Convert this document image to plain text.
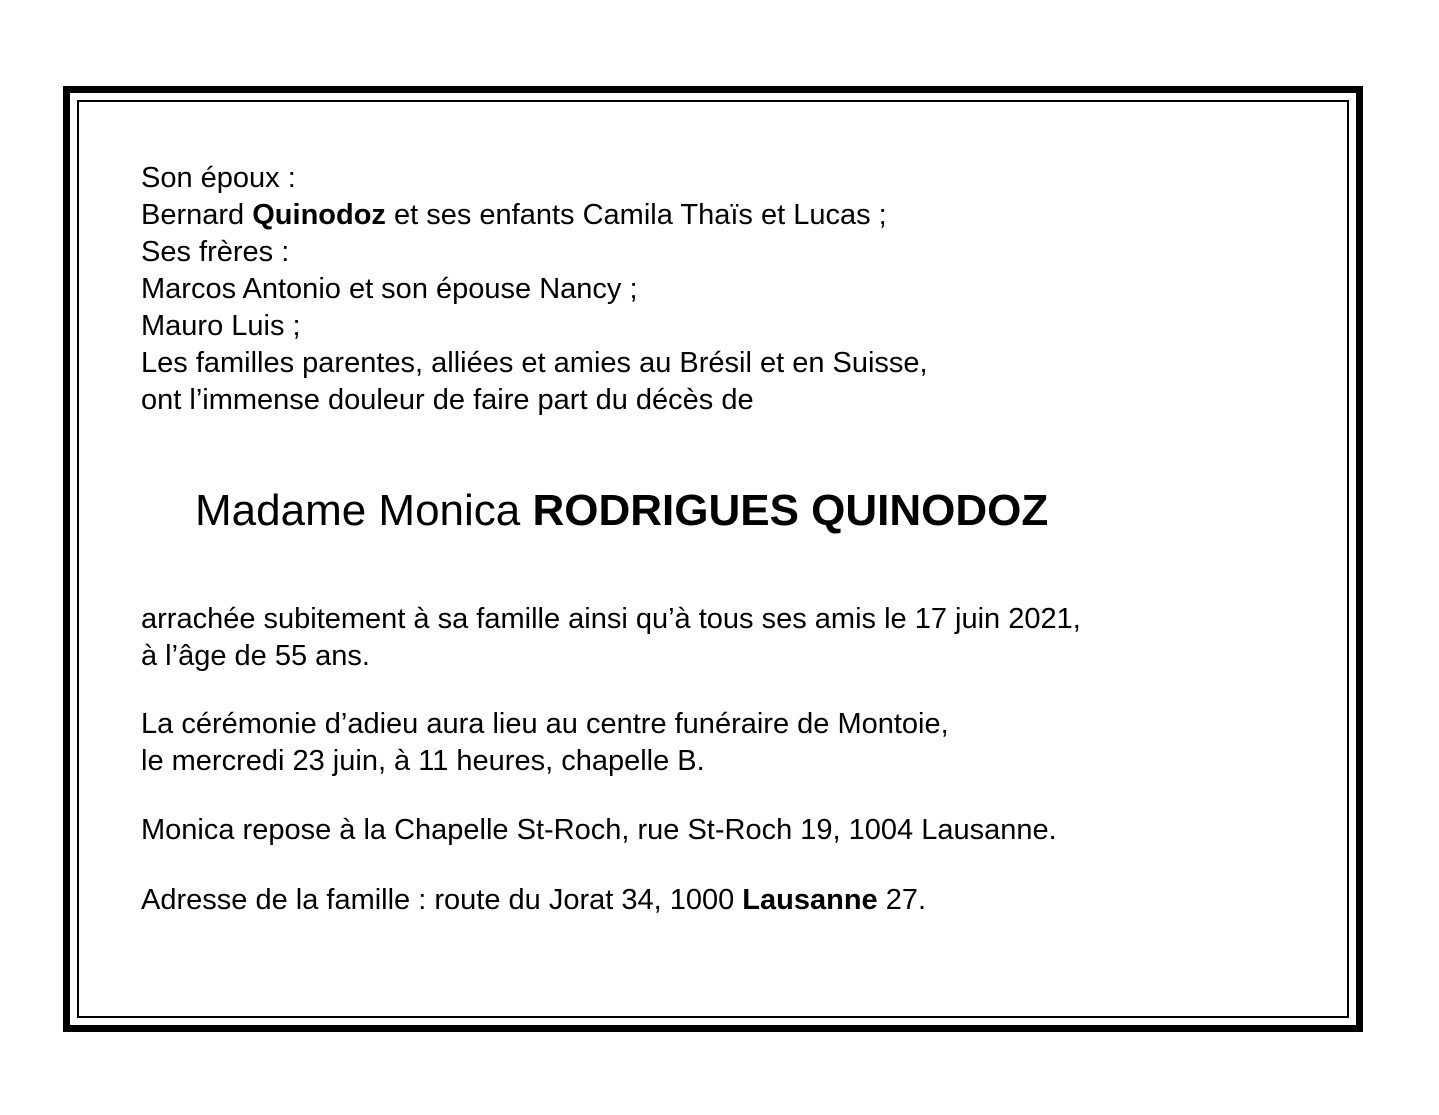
Son époux :
Bernard Quinodoz et ses enfants Camila Thaïs et Lucas ;
Ses frères :
Marcos Antonio et son épouse Nancy ;
Mauro Luis ;
Les familles parentes, alliées et amies au Brésil et en Suisse,
ont l’immense douleur de faire part du décès de
Madame Monica RODRIGUES QUINODOZ
arrachée subitement à sa famille ainsi qu’à tous ses amis le 17 juin 2021,
à l’âge de 55 ans.
La cérémonie d’adieu aura lieu au centre funéraire de Montoie,
le mercredi 23 juin, à 11 heures, chapelle B.
Monica repose à la Chapelle St-Roch, rue St-Roch 19, 1004 Lausanne.
Adresse de la famille : route du Jorat 34, 1000 Lausanne 27.
